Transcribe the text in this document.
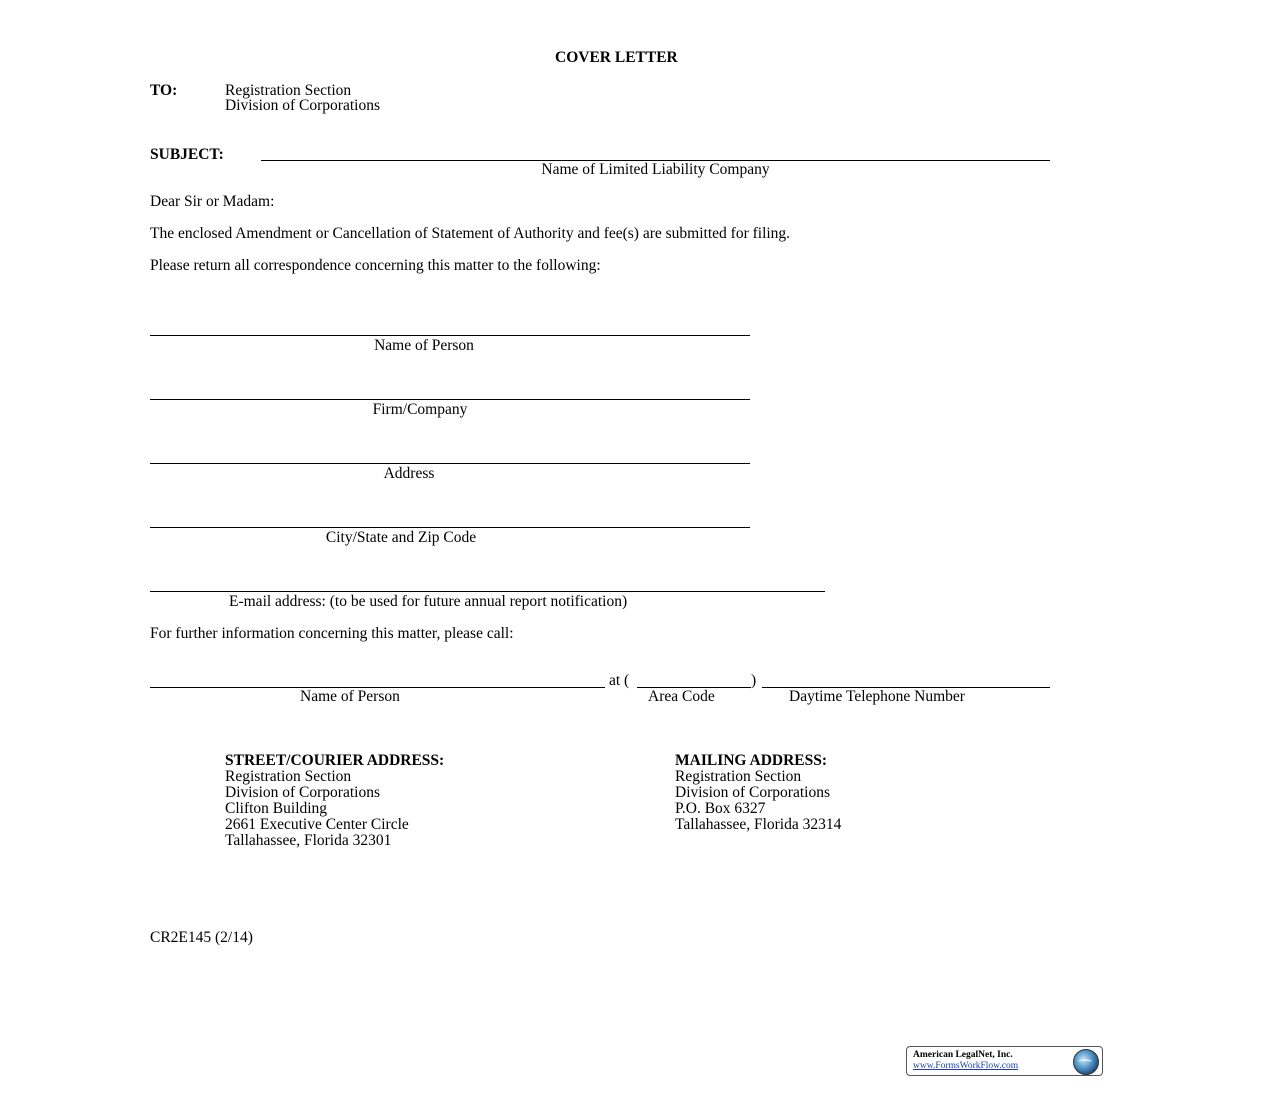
COVER LETTER
TO:	Registration Section
Division of Corporations
SUBJECT:
Name of Limited Liability Company
Dear Sir or Madam:
The enclosed Amendment or Cancellation of Statement of Authority and fee(s) are submitted for filing.
Please return all correspondence concerning this matter to the following:
Name of Person
Firm/Company
Address
City/State and Zip Code
E-mail address: (to be used for future annual report notification)
For further information concerning this matter, please call:
at (	)
Name of Person	Area Code	Daytime Telephone Number
STREET/COURIER ADDRESS:
Registration Section
Division of Corporations
Clifton Building
2661 Executive Center Circle
Tallahassee, Florida 32301
MAILING ADDRESS:
Registration Section
Division of Corporations
P.O. Box 6327
Tallahassee, Florida 32314
CR2E145 (2/14)
American LegalNet, Inc.
www.FormsWorkFlow.com
